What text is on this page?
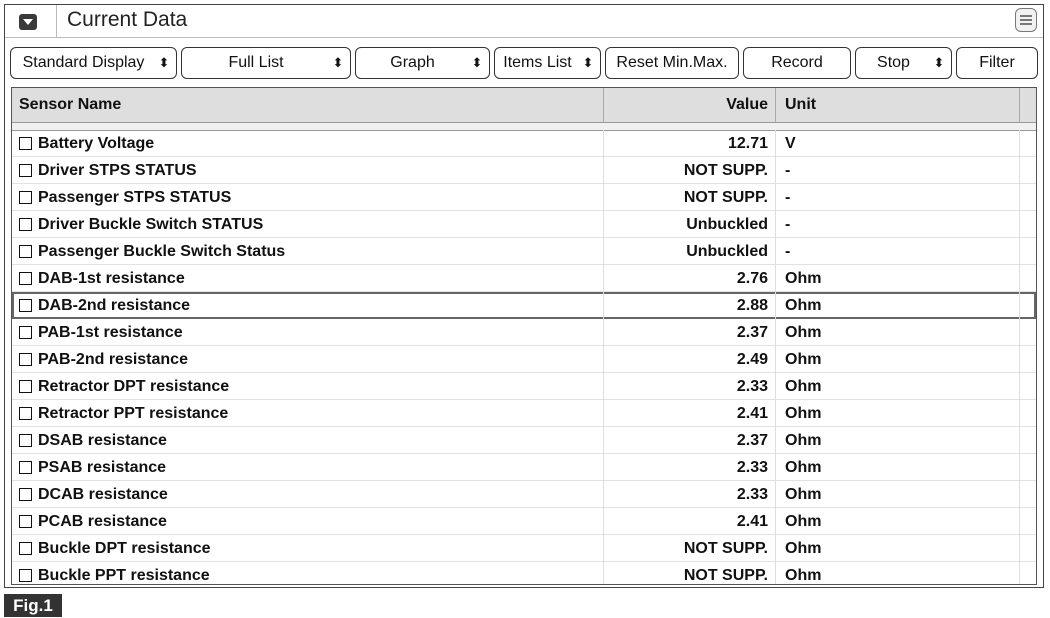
Current Data
Standard Display	⬍	Full List	⬍	Graph	⬍	Items List ⬍	Reset Min.Max.	Record	Stop	⬍	Filter
Sensor Name	Value	Unit
Battery Voltage	12.71	V
Driver STPS STATUS	NOT SUPP.	-
Passenger STPS STATUS	NOT SUPP.	-
Driver Buckle Switch STATUS	Unbuckled	-
Passenger Buckle Switch Status	Unbuckled	-
DAB-1st resistance	2.76	Ohm
DAB-2nd resistance	2.88	Ohm
PAB-1st resistance	2.37	Ohm
PAB-2nd resistance	2.49	Ohm
Retractor DPT resistance	2.33	Ohm
Retractor PPT resistance	2.41	Ohm
DSAB resistance	2.37	Ohm
PSAB resistance	2.33	Ohm
DCAB resistance	2.33	Ohm
PCAB resistance	2.41	Ohm
Buckle DPT resistance	NOT SUPP.	Ohm
Buckle PPT resistance	NOT SUPP.	Ohm
Fig.1
